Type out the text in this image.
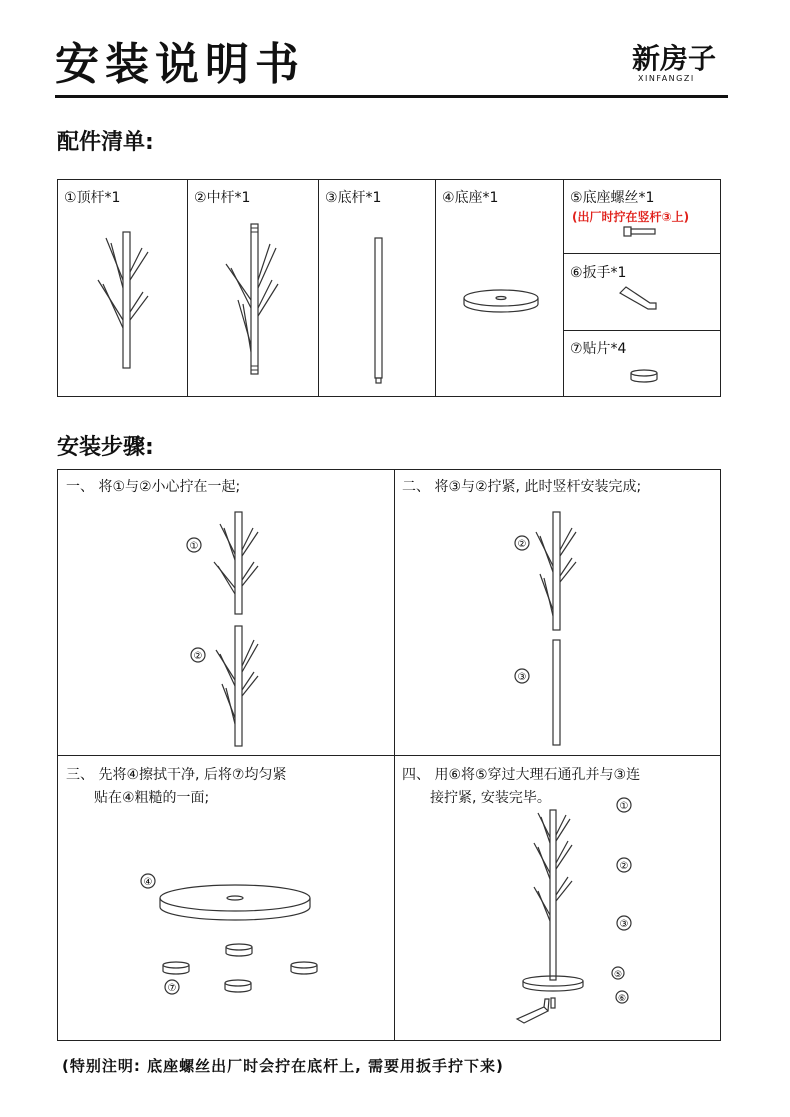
安装说明书	新房子
XINFANGZI
配件清单:
①顶杆*1	②中杆*1	③底杆*1	④底座*1	⑤底座螺丝*1
(出厂时拧在竖杆③上)
⑥扳手*1
⑦贴片*4
安装步骤:
一、 将①与②小心拧在一起;
①
②
二、 将③与②拧紧, 此时竖杆安装完成;
②
③
三、 先将④擦拭干净, 后将⑦均匀紧
贴在④粗糙的一面;
④
⑦
四、 用⑥将⑤穿过大理石通孔并与③连
接拧紧, 安装完毕。
①
②
③
⑤
⑥
(特别注明: 底座螺丝出厂时会拧在底杆上, 需要用扳手拧下来)
